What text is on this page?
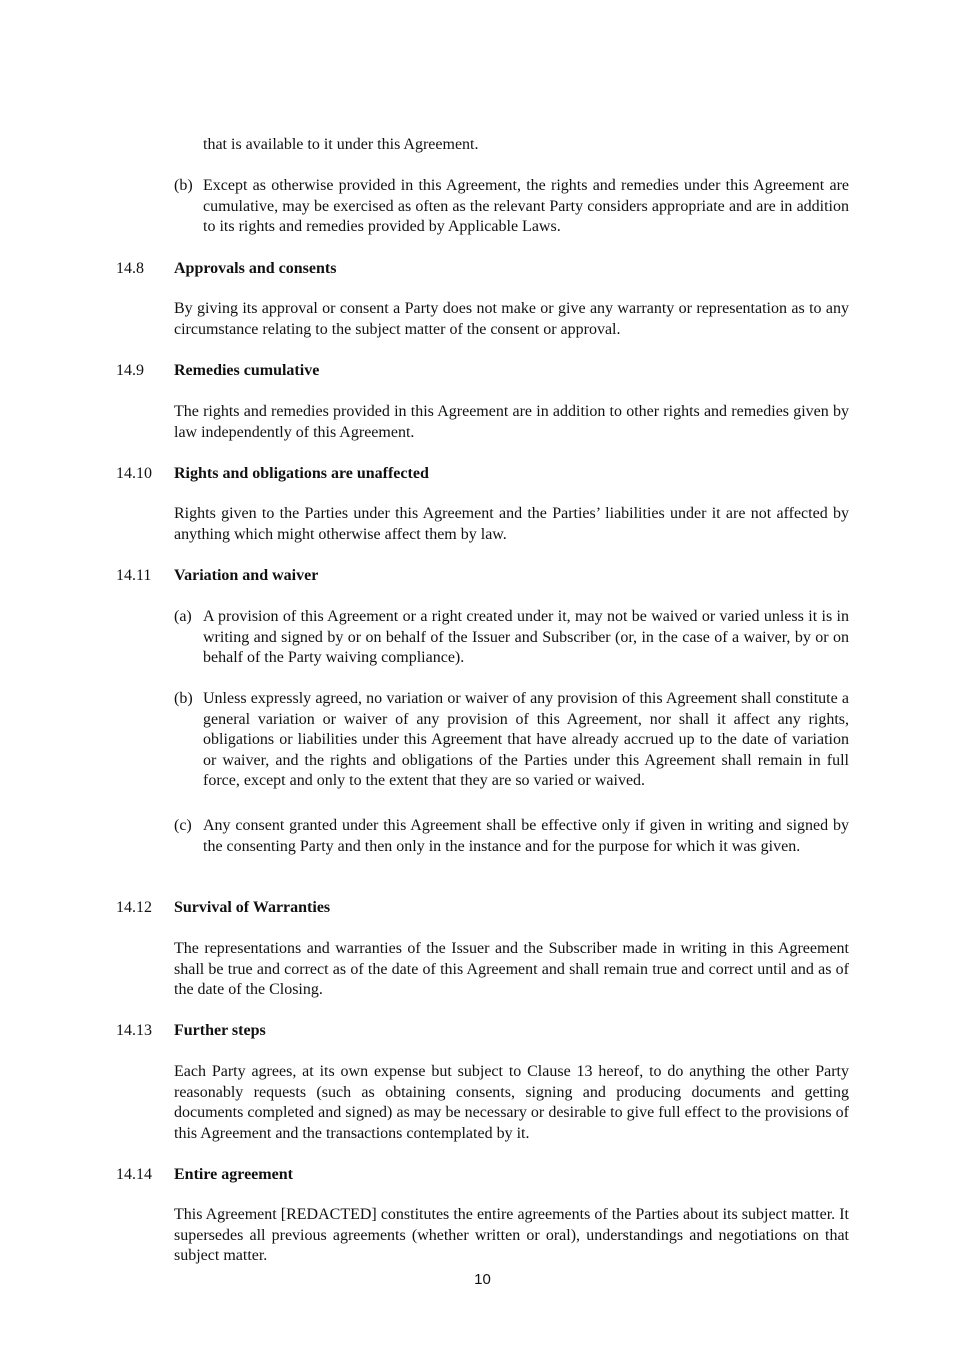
that is available to it under this Agreement.
(b) Except as otherwise provided in this Agreement, the rights and remedies under this Agreement are cumulative, may be exercised as often as the relevant Party considers appropriate and are in addition to its rights and remedies provided by Applicable Laws.
14.8	Approvals and consents
By giving its approval or consent a Party does not make or give any warranty or representation as to any circumstance relating to the subject matter of the consent or approval.
14.9	Remedies cumulative
The rights and remedies provided in this Agreement are in addition to other rights and remedies given by law independently of this Agreement.
14.10	Rights and obligations are unaffected
Rights given to the Parties under this Agreement and the Parties’ liabilities under it are not affected by anything which might otherwise affect them by law.
14.11	Variation and waiver
(a) A provision of this Agreement or a right created under it, may not be waived or varied unless it is in writing and signed by or on behalf of the Issuer and Subscriber (or, in the case of a waiver, by or on behalf of the Party waiving compliance).
(b) Unless expressly agreed, no variation or waiver of any provision of this Agreement shall constitute a general variation or waiver of any provision of this Agreement, nor shall it affect any rights, obligations or liabilities under this Agreement that have already accrued up to the date of variation or waiver, and the rights and obligations of the Parties under this Agreement shall remain in full force, except and only to the extent that they are so varied or waived.
(c) Any consent granted under this Agreement shall be effective only if given in writing and signed by the consenting Party and then only in the instance and for the purpose for which it was given.
14.12	Survival of Warranties
The representations and warranties of the Issuer and the Subscriber made in writing in this Agreement shall be true and correct as of the date of this Agreement and shall remain true and correct until and as of the date of the Closing.
14.13	Further steps
Each Party agrees, at its own expense but subject to Clause 13 hereof, to do anything the other Party reasonably requests (such as obtaining consents, signing and producing documents and getting documents completed and signed) as may be necessary or desirable to give full effect to the provisions of this Agreement and the transactions contemplated by it.
14.14	Entire agreement
This Agreement [REDACTED] constitutes the entire agreements of the Parties about its subject matter. It supersedes all previous agreements (whether written or oral), understandings and negotiations on that subject matter.
10
